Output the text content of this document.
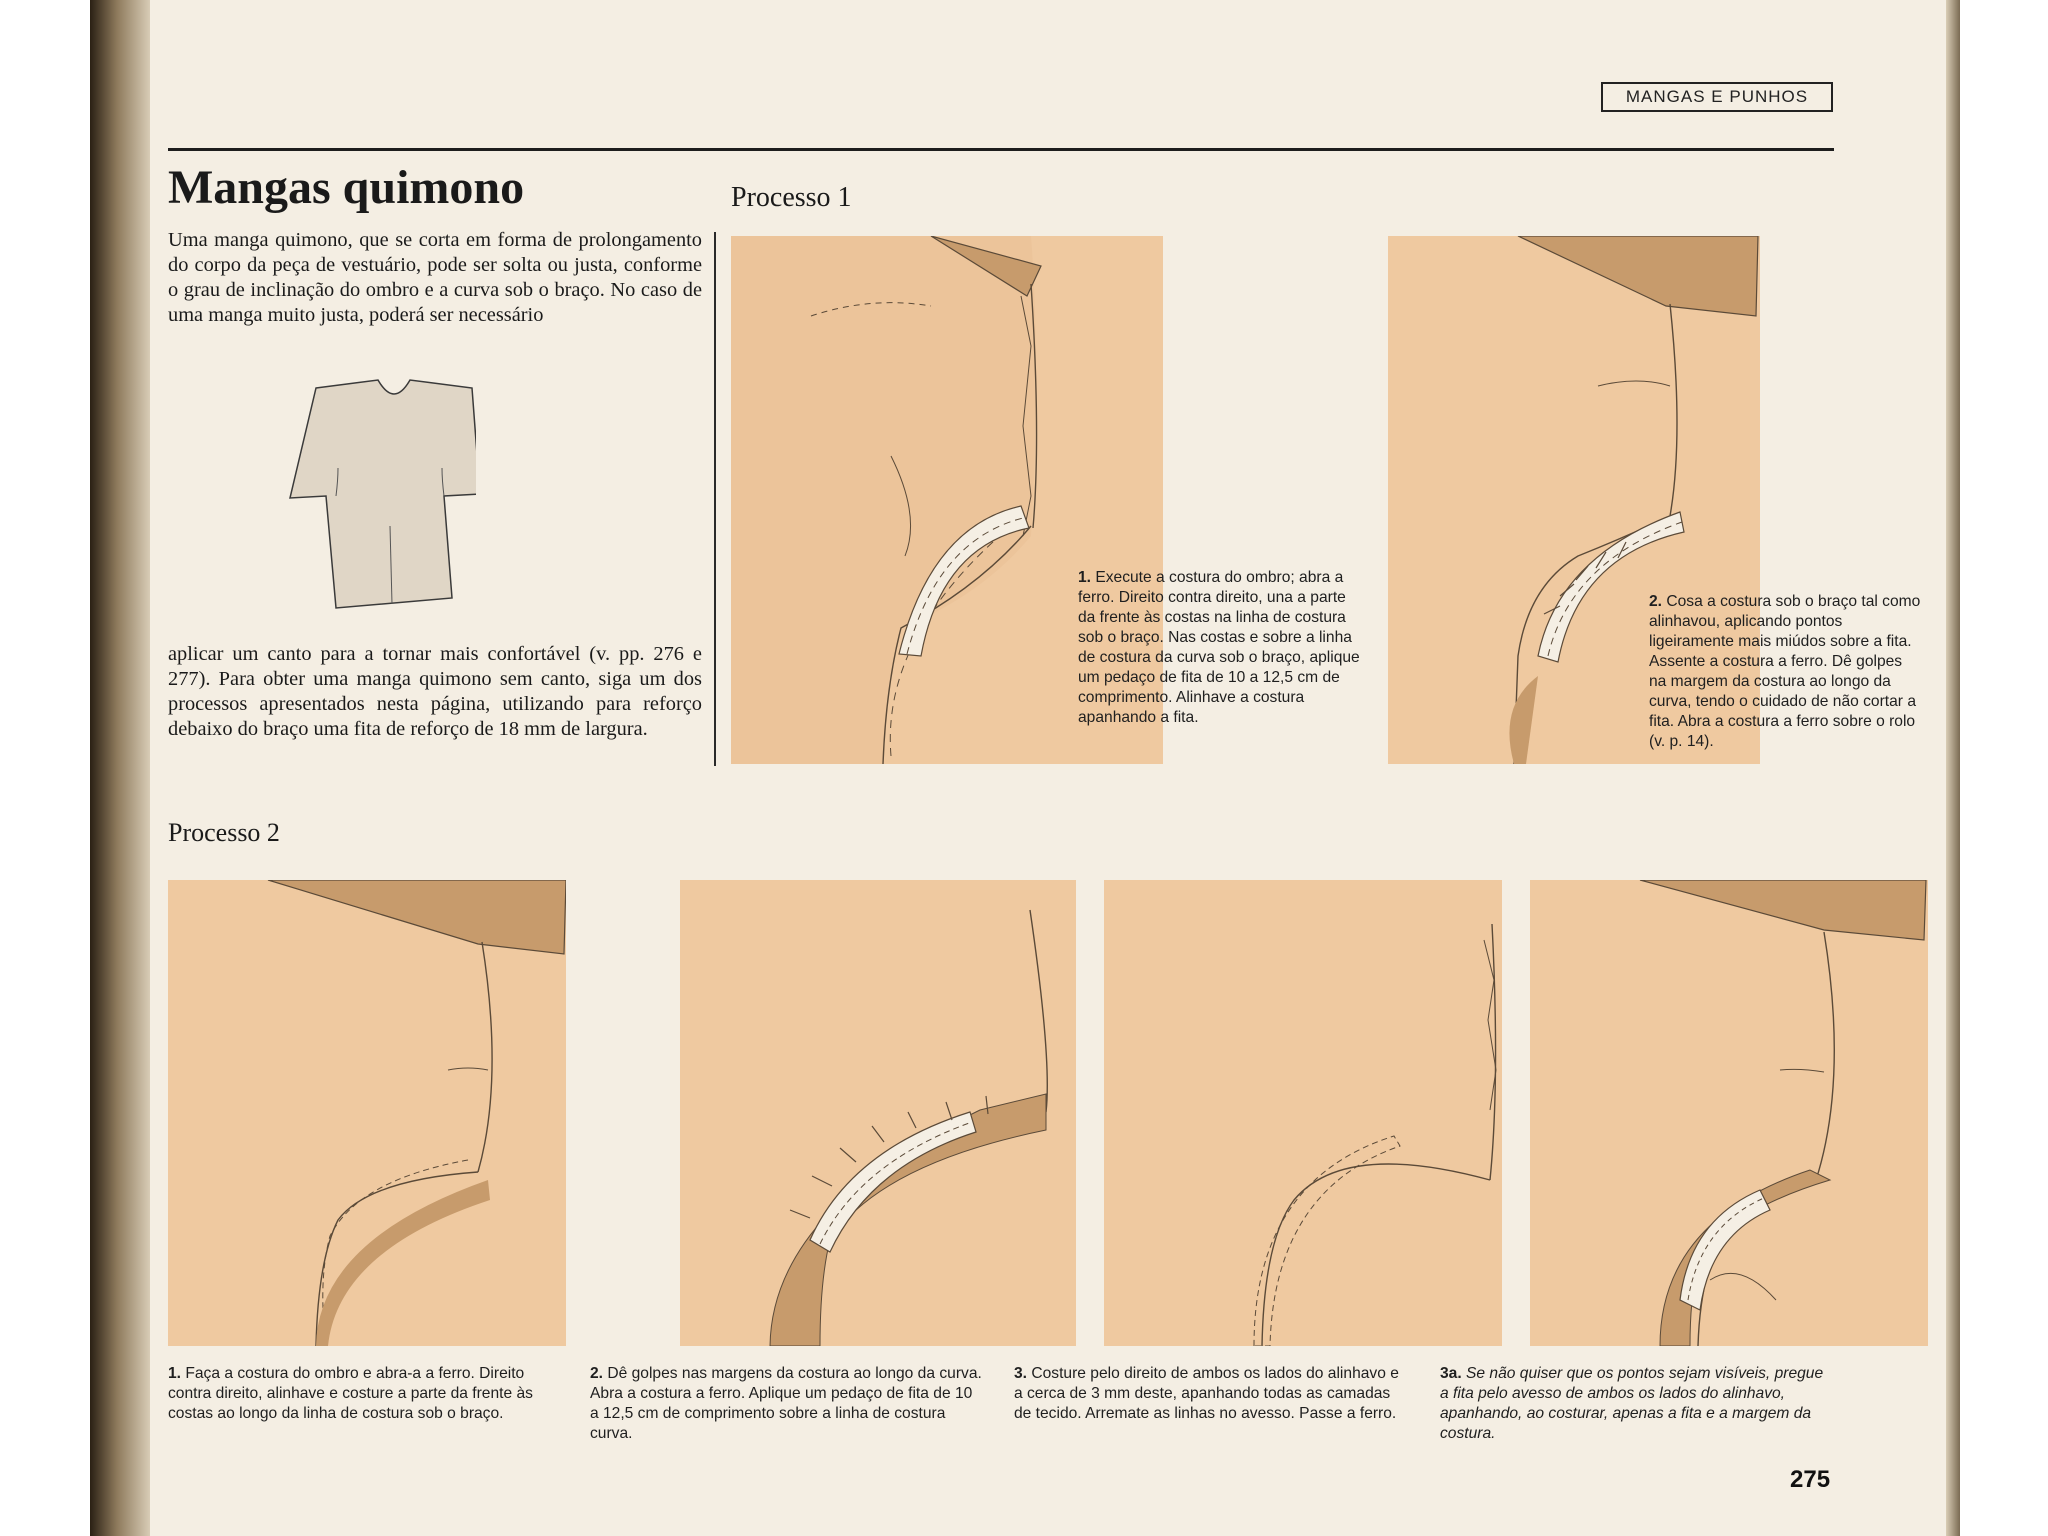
MANGAS E PUNHOS
Mangas quimono

Uma manga quimono, que se corta em forma de prolongamento do corpo da peça de vestuário, pode ser solta ou justa, conforme o grau de inclinação do ombro e a curva sob o braço. No caso de uma manga muito justa, poderá ser necessário

aplicar um canto para a tornar mais confortável (v. pp. 276 e 277). Para obter uma manga quimono sem canto, siga um dos processos apresentados nesta página, utilizando para reforço debaixo do braço uma fita de reforço de 18 mm de largura.

Processo 1

1. Execute a costura do ombro; abra a ferro. Direito contra direito, una a parte da frente às costas na linha de costura sob o braço. Nas costas e sobre a linha de costura da curva sob o braço, aplique um pedaço de fita de 10 a 12,5 cm de comprimento. Alinhave a costura apanhando a fita.

2. Cosa a costura sob o braço tal como alinhavou, aplicando pontos ligeiramente mais miúdos sobre a fita. Assente a costura a ferro. Dê golpes na margem da costura ao longo da curva, tendo o cuidado de não cortar a fita. Abra a costura a ferro sobre o rolo (v. p. 14).

Processo 2

1. Faça a costura do ombro e abra-a a ferro. Direito contra direito, alinhave e costure a parte da frente às costas ao longo da linha de costura sob o braço.

2. Dê golpes nas margens da costura ao longo da curva. Abra a costura a ferro. Aplique um pedaço de fita de 10 a 12,5 cm de comprimento sobre a linha de costura curva.

3. Costure pelo direito de ambos os lados do alinhavo e a cerca de 3 mm deste, apanhando todas as camadas de tecido. Arremate as linhas no avesso. Passe a ferro.

3a. Se não quiser que os pontos sejam visíveis, pregue a fita pelo avesso de ambos os lados do alinhavo, apanhando, ao costurar, apenas a fita e a margem da costura.

275
